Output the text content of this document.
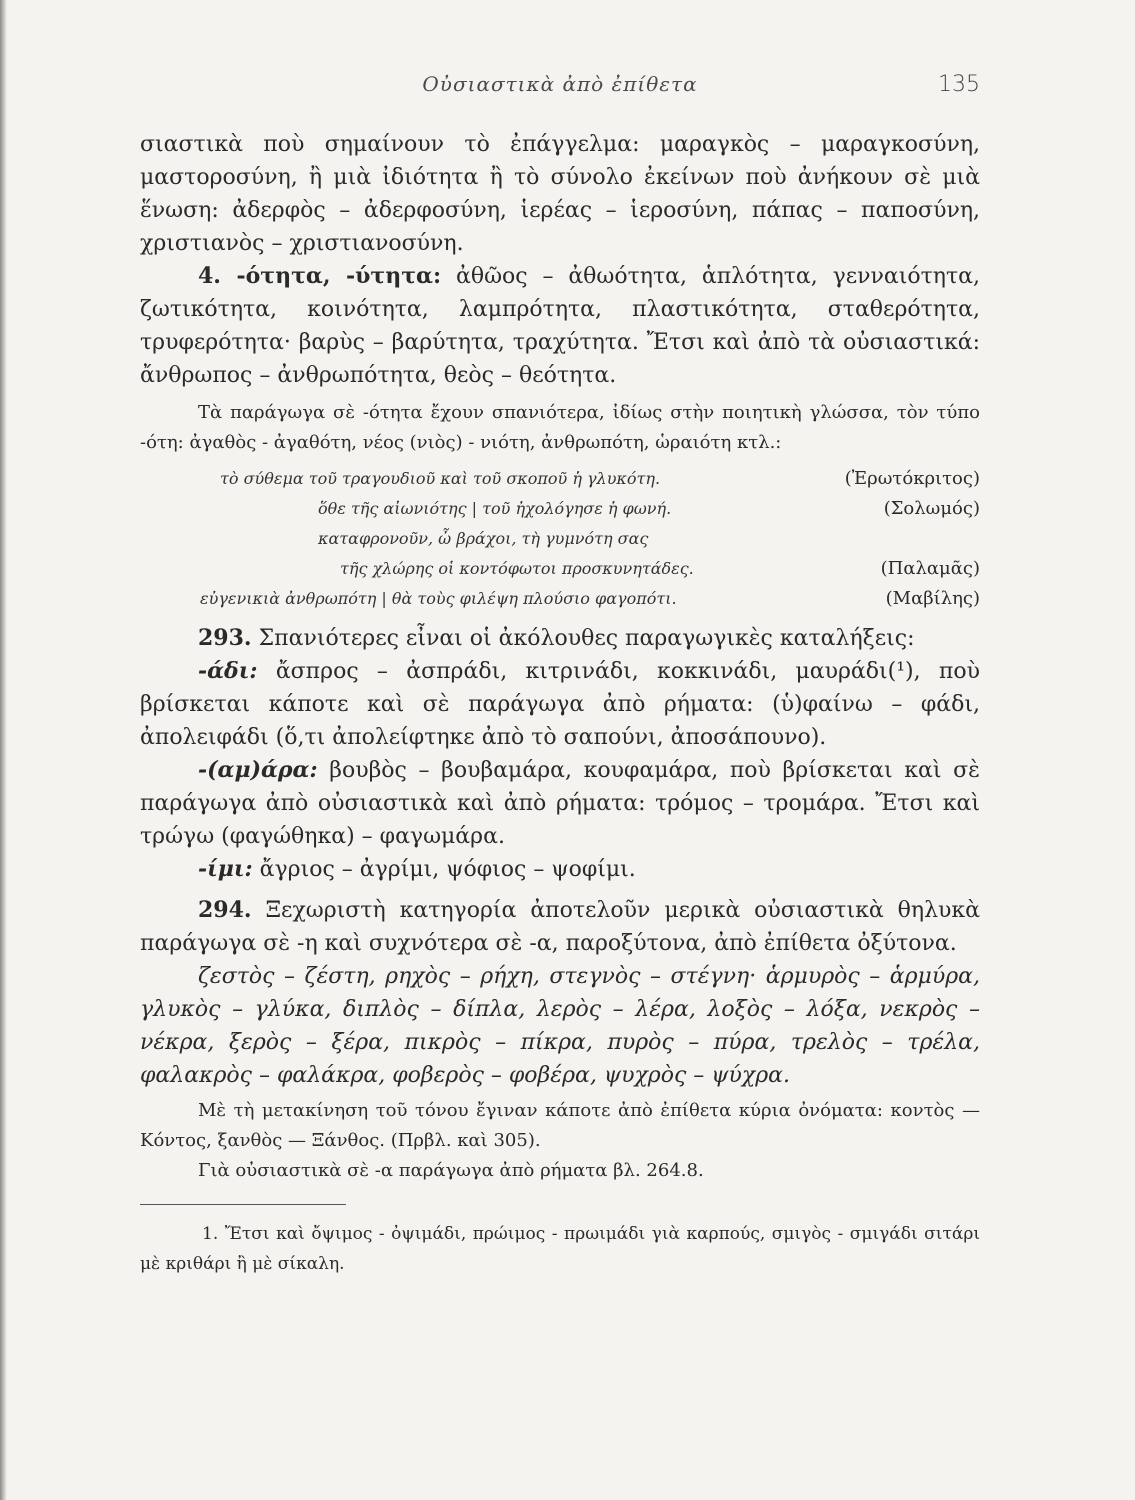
Οὐσιαστικὰ ἀπὸ ἐπίθετα	135

σιαστικὰ ποὺ σημαίνουν τὸ ἐπάγγελμα: μαραγκὸς – μαραγκοσύνη, μαστορoσύνη, ἢ μιὰ ἰδιότητα ἢ τὸ σύνολο ἐκείνων ποὺ ἀνήκουν σὲ μιὰ ἕνωση: ἀδερφὸς – ἀδερφοσύνη, ἱερέας – ἱεροσύνη, πάπας – παποσύνη, χριστιανὸς – χριστιανοσύνη.

4. -ότητα, -ύτητα: ἀθῶος – ἀθωότητα, ἁπλότητα, γενναιότητα, ζωτικότητα, κοινότητα, λαμπρότητα, πλαστικότητα, σταθερότητα, τρυφερότητα· βαρὺς – βαρύτητα, τραχύτητα. Ἔτσι καὶ ἀπὸ τὰ οὐσιαστικά: ἄνθρωπος – ἀνθρωπότητα, θεὸς – θεότητα.

Τὰ παράγωγα σὲ -ότητα ἔχουν σπανιότερα, ἰδίως στὴν ποιητικὴ γλώσσα, τὸν τύπο -ότη: ἀγαθὸς - ἀγαθότη, νέος (νιὸς) - νιότη, ἀνθρωπότη, ὡραιότη κτλ.:

τὸ σύθεμα τοῦ τραγουδιοῦ καὶ τοῦ σκοποῦ ἡ γλυκότη.	(Ἐρωτόκριτος)
ὅθε τῆς αἰωνιότης | τοῦ ἠχολόγησε ἡ φωνή.	(Σολωμός)
καταφρονοῦν, ὦ βράχοι, τὴ γυμνότη σας
τῆς χλώρης οἱ κοντόφωτοι προσκυνητάδες.	(Παλαμᾶς)
εὐγενικιὰ ἀνθρωπότη | θὰ τοὺς φιλέψη πλούσιο φαγοπότι.	(Μαβίλης)

293. Σπανιότερες εἶναι οἱ ἀκόλουθες παραγωγικὲς καταλήξεις:

-άδι: ἄσπρος – ἀσπράδι, κιτρινάδι, κοκκινάδι, μαυράδι(¹), ποὺ βρίσκεται κάποτε καὶ σὲ παράγωγα ἀπὸ ρήματα: (ὑ)φαίνω – φάδι, ἀπολειφάδι (ὅ,τι ἀπολείφτηκε ἀπὸ τὸ σαπούνι, ἀποσάπουνο).

-(αμ)άρα: βουβὸς – βουβαμάρα, κουφαμάρα, ποὺ βρίσκεται καὶ σὲ παράγωγα ἀπὸ οὐσιαστικὰ καὶ ἀπὸ ρήματα: τρόμος – τρομάρα. Ἔτσι καὶ τρώγω (φαγώθηκα) – φαγωμάρα.

-ίμι: ἄγριος – ἀγρίμι, ψόφιος – ψοφίμι.

294. Ξεχωριστὴ κατηγορία ἀποτελοῦν μερικὰ οὐσιαστικὰ θηλυκὰ παράγωγα σὲ -η καὶ συχνότερα σὲ -α, παροξύτονα, ἀπὸ ἐπίθετα ὀξύτονα.

ζεστὸς – ζέστη, ρηχὸς – ρήχη, στεγνὸς – στέγνη· ἁρμυρὸς – ἁρμύρα, γλυκὸς – γλύκα, διπλὸς – δίπλα, λερὸς – λέρα, λοξὸς – λόξα, νεκρὸς – νέκρα, ξερὸς – ξέρα, πικρὸς – πίκρα, πυρὸς – πύρα, τρελὸς – τρέλα, φαλακρὸς – φαλάκρα, φοβερὸς – φοβέρα, ψυχρὸς – ψύχρα.

Μὲ τὴ μετακίνηση τοῦ τόνου ἔγιναν κάποτε ἀπὸ ἐπίθετα κύρια ὀνόματα: κοντὸς — Κόντος, ξανθὸς — Ξάνθος. (Πρβλ. καὶ 305).

Γιὰ οὐσιαστικὰ σὲ -α παράγωγα ἀπὸ ρήματα βλ. 264.8.

1. Ἔτσι καὶ ὄψιμος - ὀψιμάδι, πρώιμος - πρωιμάδι γιὰ καρπούς, σμιγὸς - σμιγάδι σιτάρι μὲ κριθάρι ἢ μὲ σίκαλη.
